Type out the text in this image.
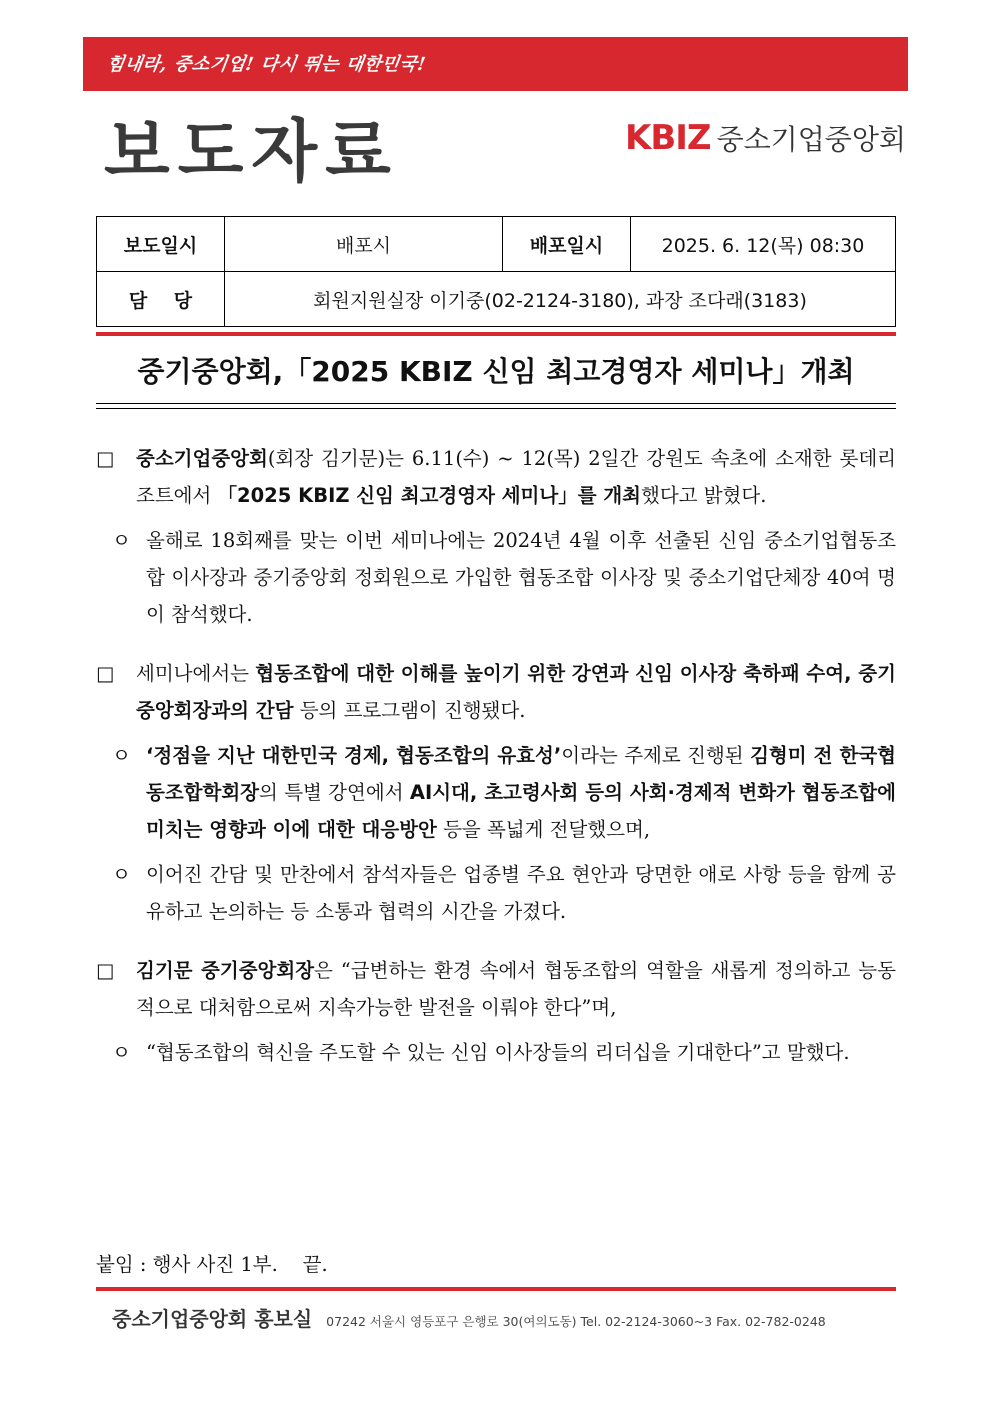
힘내라, 중소기업! 다시 뛰는 대한민국!
보도자료	KBIZ 중소기업중앙회
보도일시	배포시	배포일시	2025. 6. 12(목) 08:30
담    당	회원지원실장 이기중(02-2124-3180), 과장 조다래(3183)		
중기중앙회,「2025 KBIZ 신임 최고경영자 세미나」개최
□ 중소기업중앙회(회장 김기문)는 6.11(수) ~ 12(목) 2일간 강원도 속초에 소재한 롯데리조트에서 「2025 KBIZ 신임 최고경영자 세미나」를 개최했다고 밝혔다.
ㅇ 올해로 18회째를 맞는 이번 세미나에는 2024년 4월 이후 선출된 신임 중소기업협동조합 이사장과 중기중앙회 정회원으로 가입한 협동조합 이사장 및 중소기업단체장 40여 명이 참석했다.
□ 세미나에서는 협동조합에 대한 이해를 높이기 위한 강연과 신임 이사장 축하패 수여, 중기중앙회장과의 간담 등의 프로그램이 진행됐다.
ㅇ ‘정점을 지난 대한민국 경제, 협동조합의 유효성’이라는 주제로 진행된 김형미 전 한국협동조합학회장의 특별 강연에서 AI시대, 초고령사회 등의 사회·경제적 변화가 협동조합에 미치는 영향과 이에 대한 대응방안 등을 폭넓게 전달했으며,
ㅇ 이어진 간담 및 만찬에서 참석자들은 업종별 주요 현안과 당면한 애로 사항 등을 함께 공유하고 논의하는 등 소통과 협력의 시간을 가졌다.
□ 김기문 중기중앙회장은 “급변하는 환경 속에서 협동조합의 역할을 새롭게 정의하고 능동적으로 대처함으로써 지속가능한 발전을 이뤄야 한다”며,
ㅇ “협동조합의 혁신을 주도할 수 있는 신임 이사장들의 리더십을 기대한다”고 말했다.
붙임 : 행사 사진 1부.    끝.
중소기업중앙회 홍보실 07242 서울시 영등포구 은행로 30(여의도동) Tel. 02-2124-3060~3 Fax. 02-782-0248
